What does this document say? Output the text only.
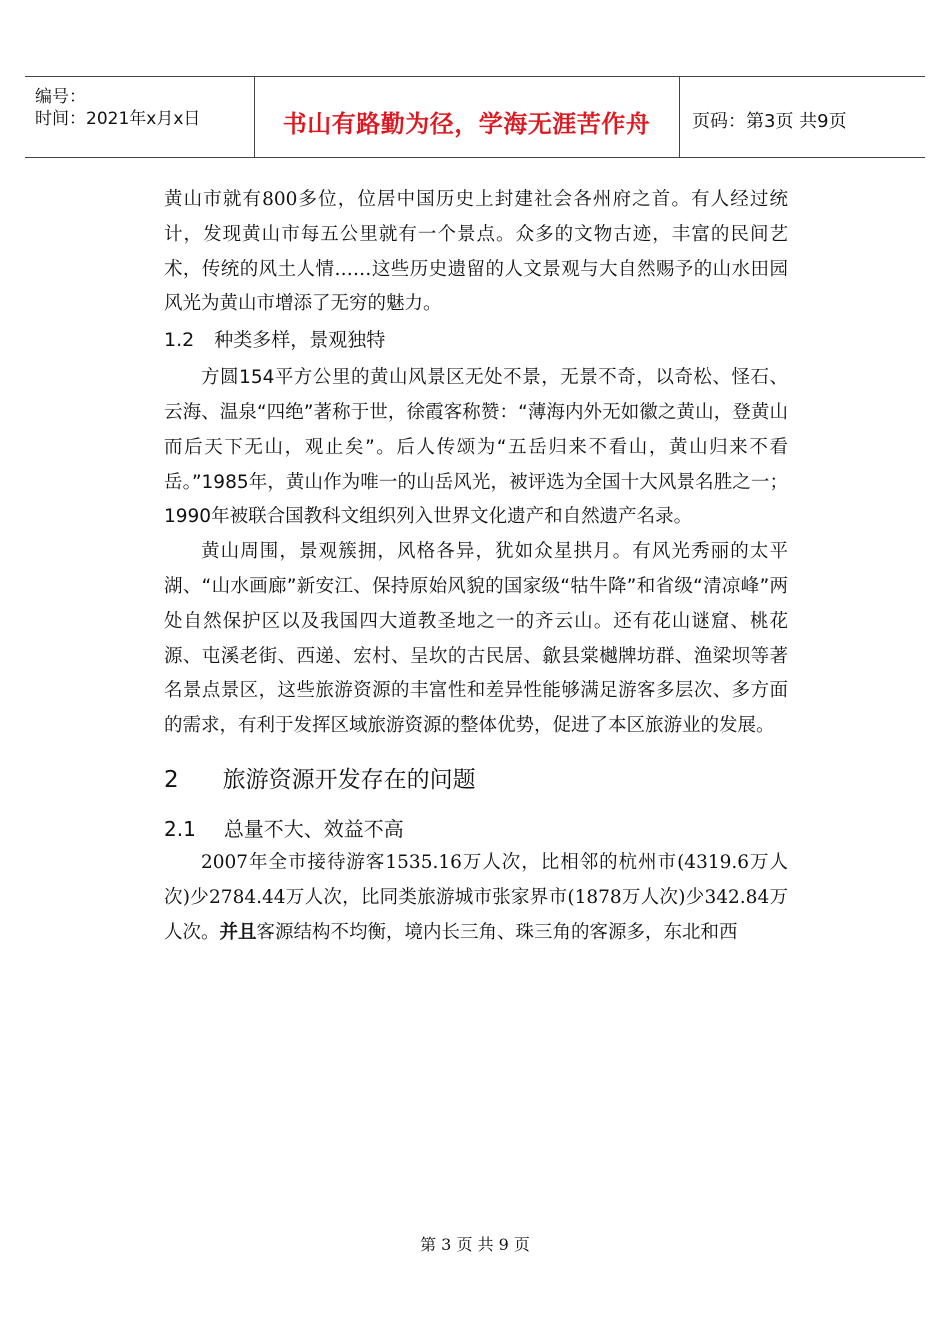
编号：
时间：2021年x月x日	书山有路勤为径，学海无涯苦作舟	页码：第3页 共9页

黄山市就有800多位，位居中国历史上封建社会各州府之首。有人经过统计，发现黄山市每五公里就有一个景点。众多的文物古迹，丰富的民间艺术，传统的风土人情……这些历史遗留的人文景观与大自然赐予的山水田园风光为黄山市增添了无穷的魅力。

1.2 种类多样，景观独特

方圆154平方公里的黄山风景区无处不景，无景不奇，以奇松、怪石、云海、温泉“四绝”著称于世，徐霞客称赞：“薄海内外无如徽之黄山，登黄山而后天下无山，观止矣”。后人传颂为“五岳归来不看山，黄山归来不看岳。”1985年，黄山作为唯一的山岳风光，被评选为全国十大风景名胜之一；1990年被联合国教科文组织列入世界文化遗产和自然遗产名录。

黄山周围，景观簇拥，风格各异，犹如众星拱月。有风光秀丽的太平湖、“山水画廊”新安江、保持原始风貌的国家级“牯牛降”和省级“清凉峰”两处自然保护区以及我国四大道教圣地之一的齐云山。还有花山谜窟、桃花源、屯溪老街、西递、宏村、呈坎的古民居、歙县棠樾牌坊群、渔梁坝等著名景点景区，这些旅游资源的丰富性和差异性能够满足游客多层次、多方面的需求，有利于发挥区域旅游资源的整体优势，促进了本区旅游业的发展。

2 旅游资源开发存在的问题
2.1 总量不大、效益不高

2007年全市接待游客1535.16万人次，比相邻的杭州市(4319.6万人次)少2784.44万人次，比同类旅游城市张家界市(1878万人次)少342.84万人次。并且客源结构不均衡，境内长三角、珠三角的客源多，东北和西

第 3 页 共 9 页
